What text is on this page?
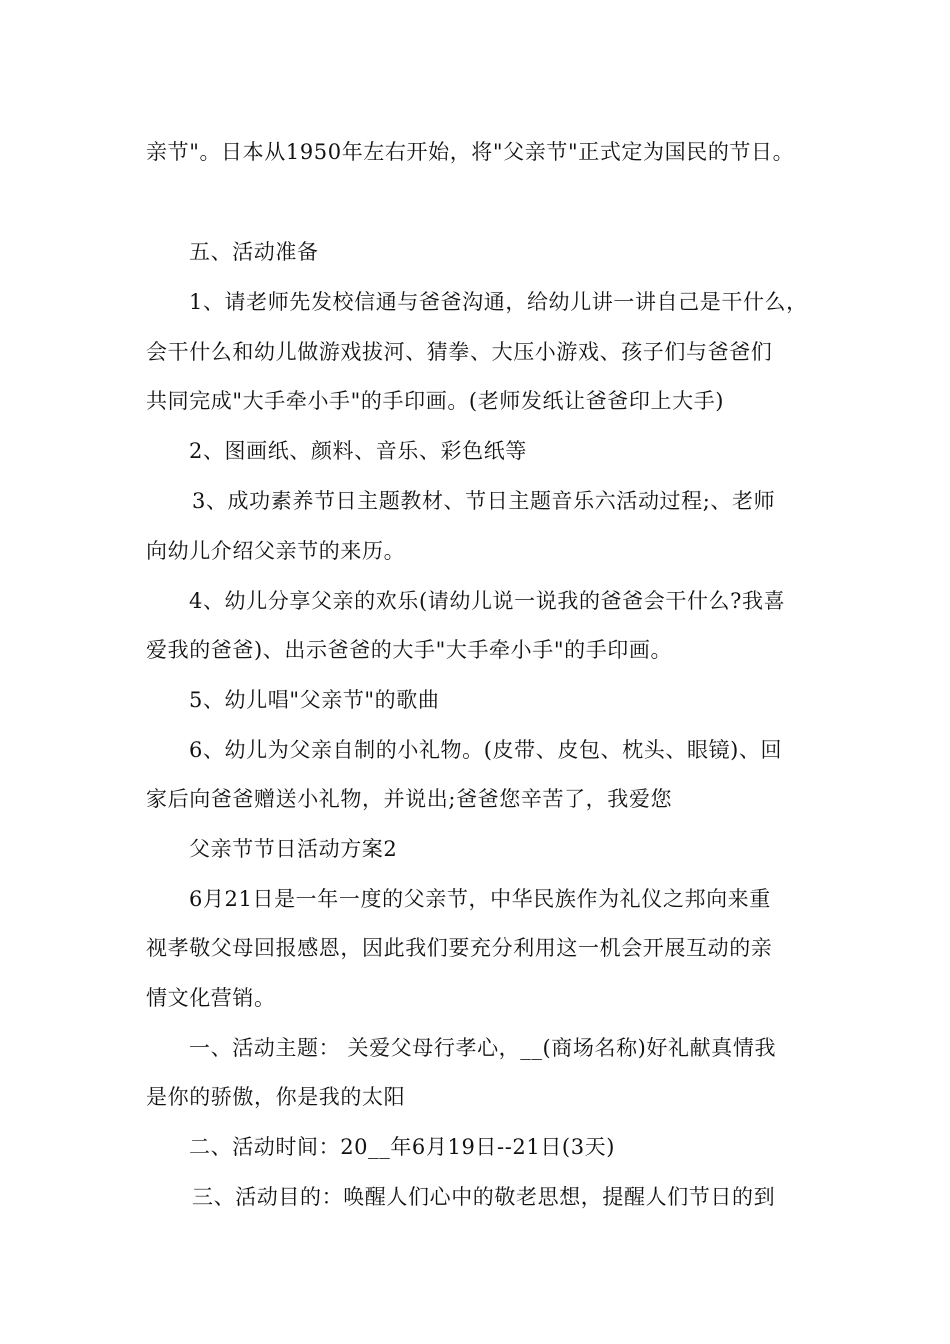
亲节"。日本从1950年左右开始，将"父亲节"正式定为国民的节日。
五、活动准备
1、请老师先发校信通与爸爸沟通，给幼儿讲一讲自己是干什么，
会干什么和幼儿做游戏拔河、猜拳、大压小游戏、孩子们与爸爸们
共同完成"大手牵小手"的手印画。(老师发纸让爸爸印上大手)
2、图画纸、颜料、音乐、彩色纸等
3、成功素养节日主题教材、节日主题音乐六活动过程;、老师
向幼儿介绍父亲节的来历。
4、幼儿分享父亲的欢乐(请幼儿说一说我的爸爸会干什么?我喜
爱我的爸爸)、出示爸爸的大手"大手牵小手"的手印画。
5、幼儿唱"父亲节"的歌曲
6、幼儿为父亲自制的小礼物。(皮带、皮包、枕头、眼镜)、回
家后向爸爸赠送小礼物，并说出;爸爸您辛苦了，我爱您
父亲节节日活动方案2
6月21日是一年一度的父亲节，中华民族作为礼仪之邦向来重
视孝敬父母回报感恩，因此我们要充分利用这一机会开展互动的亲
情文化营销。
一、活动主题： 关爱父母行孝心，__(商场名称)好礼献真情我
是你的骄傲，你是我的太阳
二、活动时间：20__年6月19日--21日(3天)
三、活动目的：唤醒人们心中的敬老思想，提醒人们节日的到
